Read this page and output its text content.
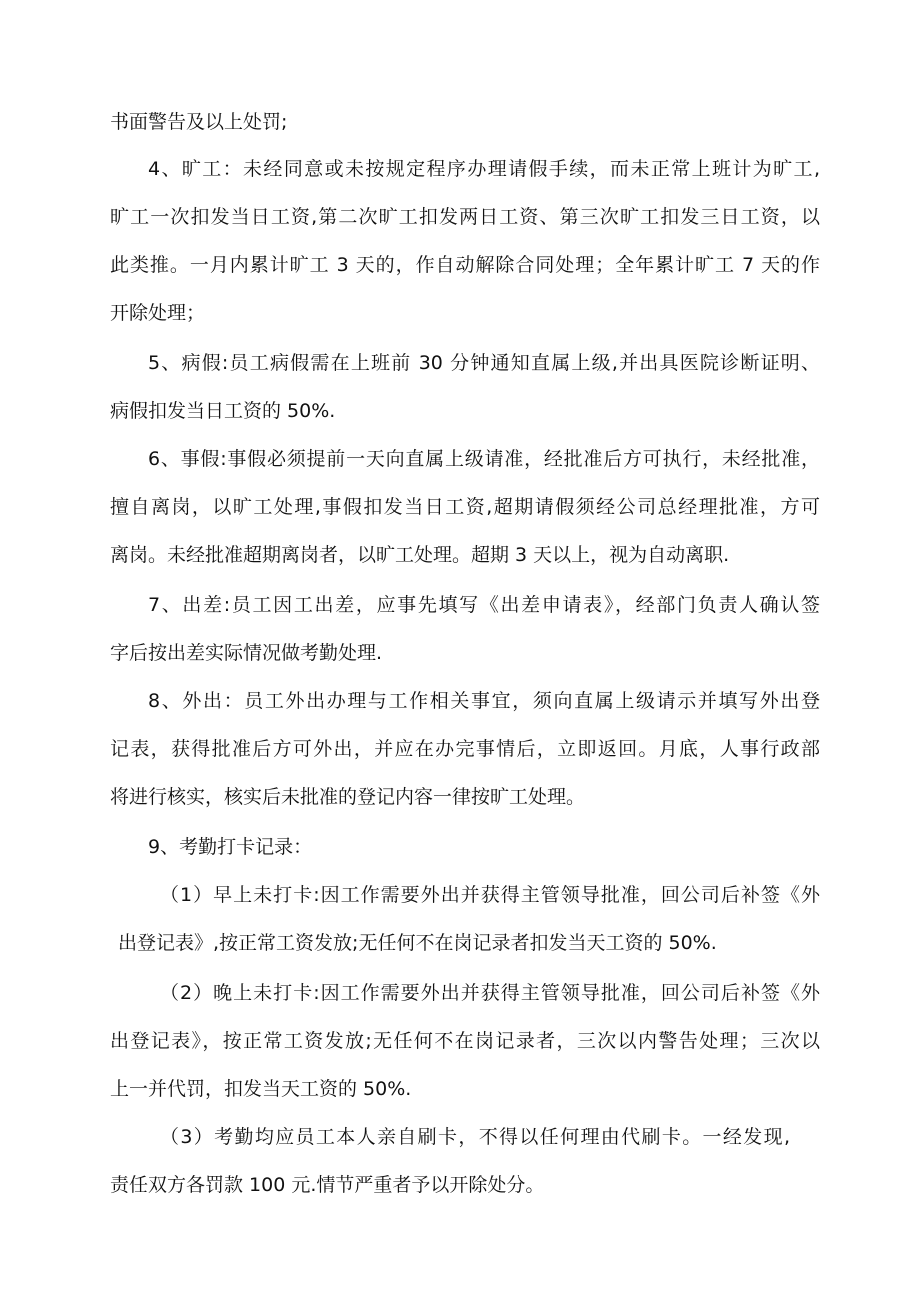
书面警告及以上处罚;
4、旷工：未经同意或未按规定程序办理请假手续，而未正常上班计为旷工,
旷工一次扣发当日工资,第二次旷工扣发两日工资、第三次旷工扣发三日工资，以
此类推。一月内累计旷工 3 天的，作自动解除合同处理；全年累计旷工 7 天的作
开除处理；
5、病假:员工病假需在上班前 30 分钟通知直属上级,并出具医院诊断证明、
病假扣发当日工资的 50%.
6、事假:事假必须提前一天向直属上级请准，经批准后方可执行，未经批准，
擅自离岗，以旷工处理,事假扣发当日工资,超期请假须经公司总经理批准，方可
离岗。未经批准超期离岗者，以旷工处理。超期 3 天以上，视为自动离职.
7、出差:员工因工出差，应事先填写《出差申请表》，经部门负责人确认签
字后按出差实际情况做考勤处理.
8、外出：员工外出办理与工作相关事宜，须向直属上级请示并填写外出登
记表，获得批准后方可外出，并应在办完事情后，立即返回。月底，人事行政部
将进行核实，核实后未批准的登记内容一律按旷工处理。
9、考勤打卡记录：
（1）早上未打卡:因工作需要外出并获得主管领导批准，回公司后补签《外
出登记表》,按正常工资发放;无任何不在岗记录者扣发当天工资的 50%.
（2）晚上未打卡:因工作需要外出并获得主管领导批准，回公司后补签《外
出登记表》，按正常工资发放;无任何不在岗记录者，三次以内警告处理；三次以
上一并代罚，扣发当天工资的 50%.
（3）考勤均应员工本人亲自刷卡，不得以任何理由代刷卡。一经发现,
责任双方各罚款 100 元.情节严重者予以开除处分。
